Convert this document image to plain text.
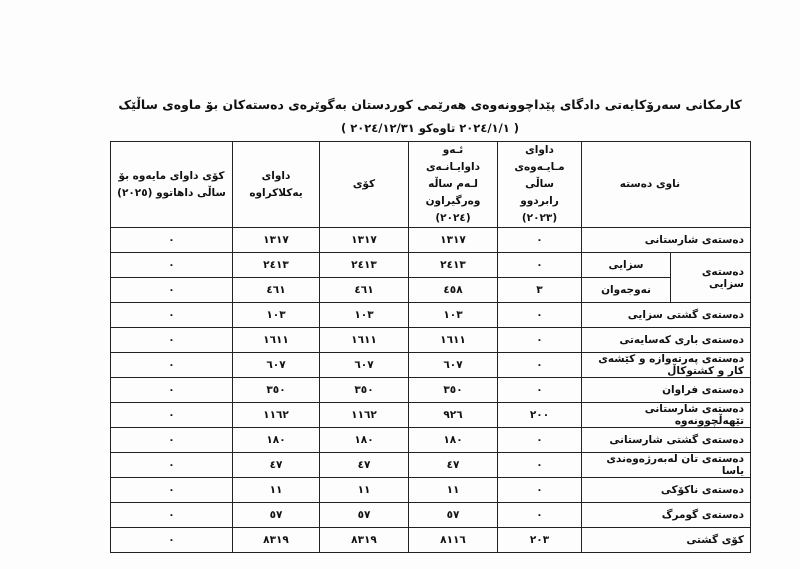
کارمکانی سەرۆکایەتی دادگای پێداچوونەوەی هەرێمی کوردستان بەگوێرەی دەستەکان بۆ ماوەی ساڵێک
( ٢٠٢٤/١/١ تاوەکو ٢٠٢٤/١٢/٣١ )
ناوی دەستە		داوای مـایـەوەی ساڵی رابردوو (٢٠٢٣)	ئـەو داوایـانـەی لـەم ساڵە وەرگیراون (٢٠٢٤)	کۆی	داوای یەکلاکراوە	کۆی داوای مایەوە بۆ ساڵی داهاتوو (٢٠٢٥)
دەستەی شارستانی		٠	١٣١٧	١٣١٧	١٣١٧	٠
دەستەی سزایی	سزایی	٠	٢٤١٣	٢٤١٣	٢٤١٣	٠
	نەوجەوان	٣	٤٥٨	٤٦١	٤٦١	٠
دەستەی گشتی سزایی		٠	١٠٣	١٠٣	١٠٣	٠
دەستەی باری کەسایەتی		٠	١٦١١	١٦١١	١٦١١	٠
دەستەی پەرتەوازە و کێشەی کار و کشتوکاڵ		٠	٦٠٧	٦٠٧	٦٠٧	٠
دەستەی فراوان		٠	٣٥٠	٣٥٠	٣٥٠	٠
دەستەی شارستانی تێهەڵچوونەوە		٢٠٠	٩٢٦	١١٦٢	١١٦٢	٠
دەستەی گشتی شارستانی		٠	١٨٠	١٨٠	١٨٠	٠
دەستەی تان لەبەرژەوەندی یاسا		٠	٤٧	٤٧	٤٧	٠
دەستەی ناکۆکی		٠	١١	١١	١١	٠
دەستەی گومرگ		٠	٥٧	٥٧	٥٧	٠
کۆی گشتی		٢٠٣	٨١١٦	٨٣١٩	٨٣١٩	٠
